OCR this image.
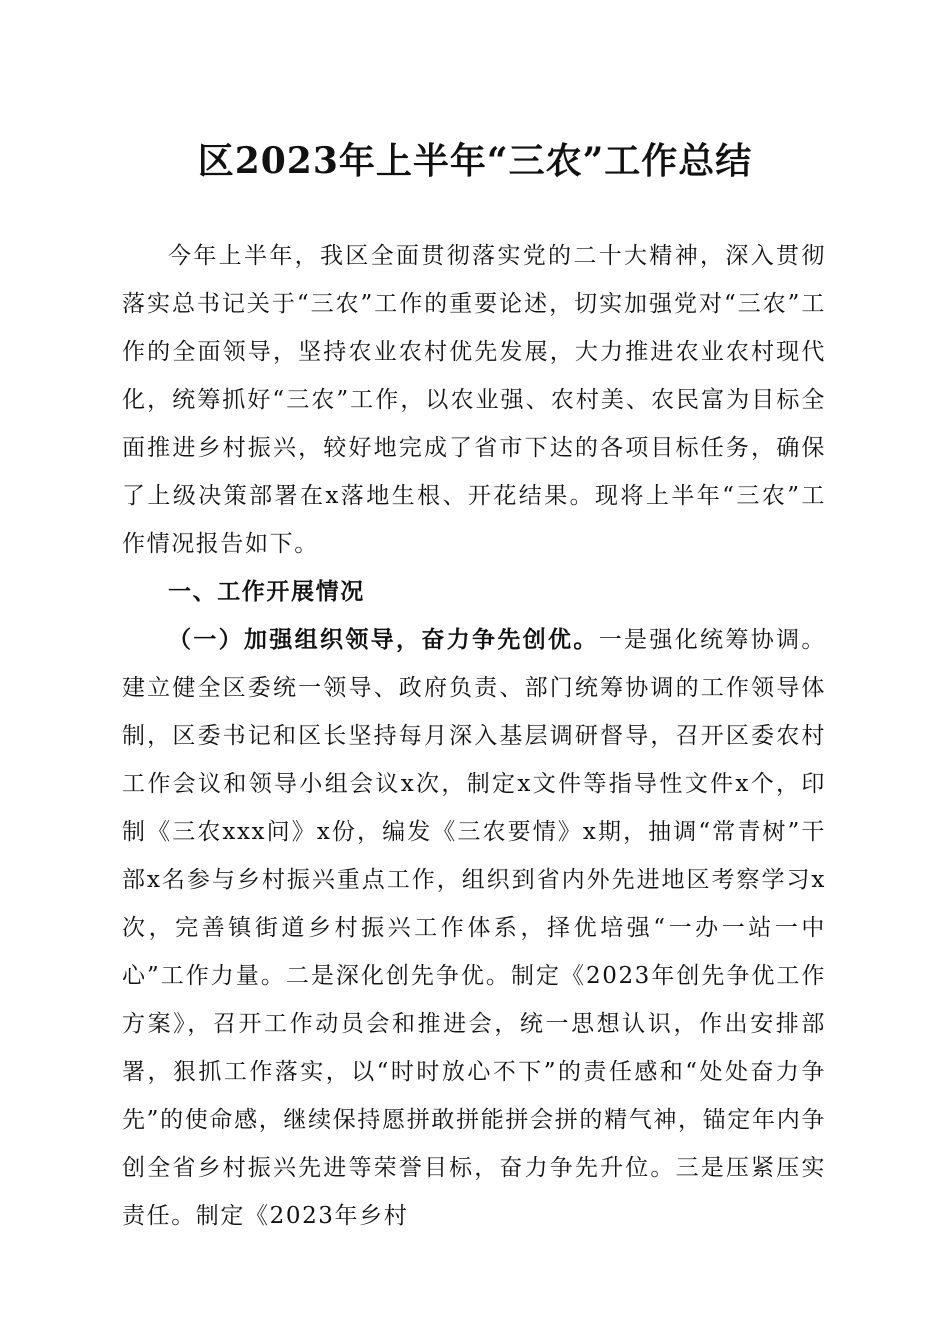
区2023年上半年“三农”工作总结

今年上半年，我区全面贯彻落实党的二十大精神，深入贯彻落实总书记关于“三农”工作的重要论述，切实加强党对“三农”工作的全面领导，坚持农业农村优先发展，大力推进农业农村现代化，统筹抓好“三农”工作，以农业强、农村美、农民富为目标全面推进乡村振兴，较好地完成了省市下达的各项目标任务，确保了上级决策部署在x落地生根、开花结果。现将上半年“三农”工作情况报告如下。

一、工作开展情况

（一）加强组织领导，奋力争先创优。一是强化统筹协调。建立健全区委统一领导、政府负责、部门统筹协调的工作领导体制，区委书记和区长坚持每月深入基层调研督导，召开区委农村工作会议和领导小组会议x次，制定x文件等指导性文件x个，印制《三农xxx问》x份，编发《三农要情》x期，抽调“常青树”干部x名参与乡村振兴重点工作，组织到省内外先进地区考察学习x次，完善镇街道乡村振兴工作体系，择优培强“一办一站一中心”工作力量。二是深化创先争优。制定《2023年创先争优工作方案》，召开工作动员会和推进会，统一思想认识，作出安排部署，狠抓工作落实，以“时时放心不下”的责任感和“处处奋力争先”的使命感，继续保持愿拼敢拼能拼会拼的精气神，锚定年内争创全省乡村振兴先进等荣誉目标，奋力争先升位。三是压紧压实责任。制定《2023年乡村
